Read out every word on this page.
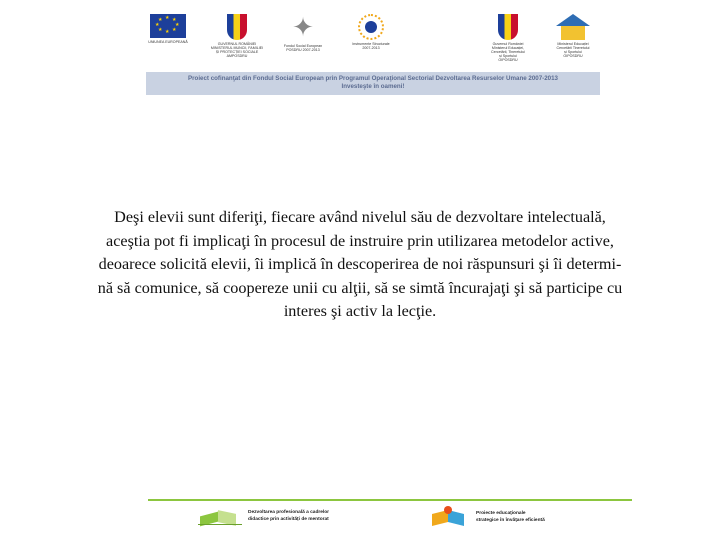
★ ★
★
★
★
★
★
★
UNIUNEA EUROPEANĂ	GUVERNUL ROMÂNIEI
MINISTERUL MUNCII, FAMILIEI
ȘI PROTECȚIEI SOCIALE
AMPOSDRU
✦
Fondul Social European
POSDRU 2007-2013
Instrumente Structurale
2007-2013
Guvernul României
Ministerul Educației,
Cercetării, Tineretului
și Sportului
OIPOSDRU
Ministerul Educației
Cercetării Tineretului
și Sportului
OIPOSDRU
Proiect cofinanţat din Fondul Social European prin Programul Operaţional Sectorial Dezvoltarea Resurselor Umane 2007-2013
Investeşte în oameni!
Deşi elevii sunt diferiţi, fiecare având nivelul său de dezvoltare intelectuală,
aceştia pot fi implicaţi în procesul de instruire prin utilizarea metodelor active,
deoarece solicită elevii, îi implică în descoperirea de noi răspunsuri şi îi determi-
nă să comunice, să coopereze unii cu alţii, să se simtă încurajaţi şi să participe cu
interes şi activ la lecţie.
Dezvoltarea profesională a cadrelor
didactice prin activități de mentorat
Proiecte educaţionale
strategice în învăţare eficientă
